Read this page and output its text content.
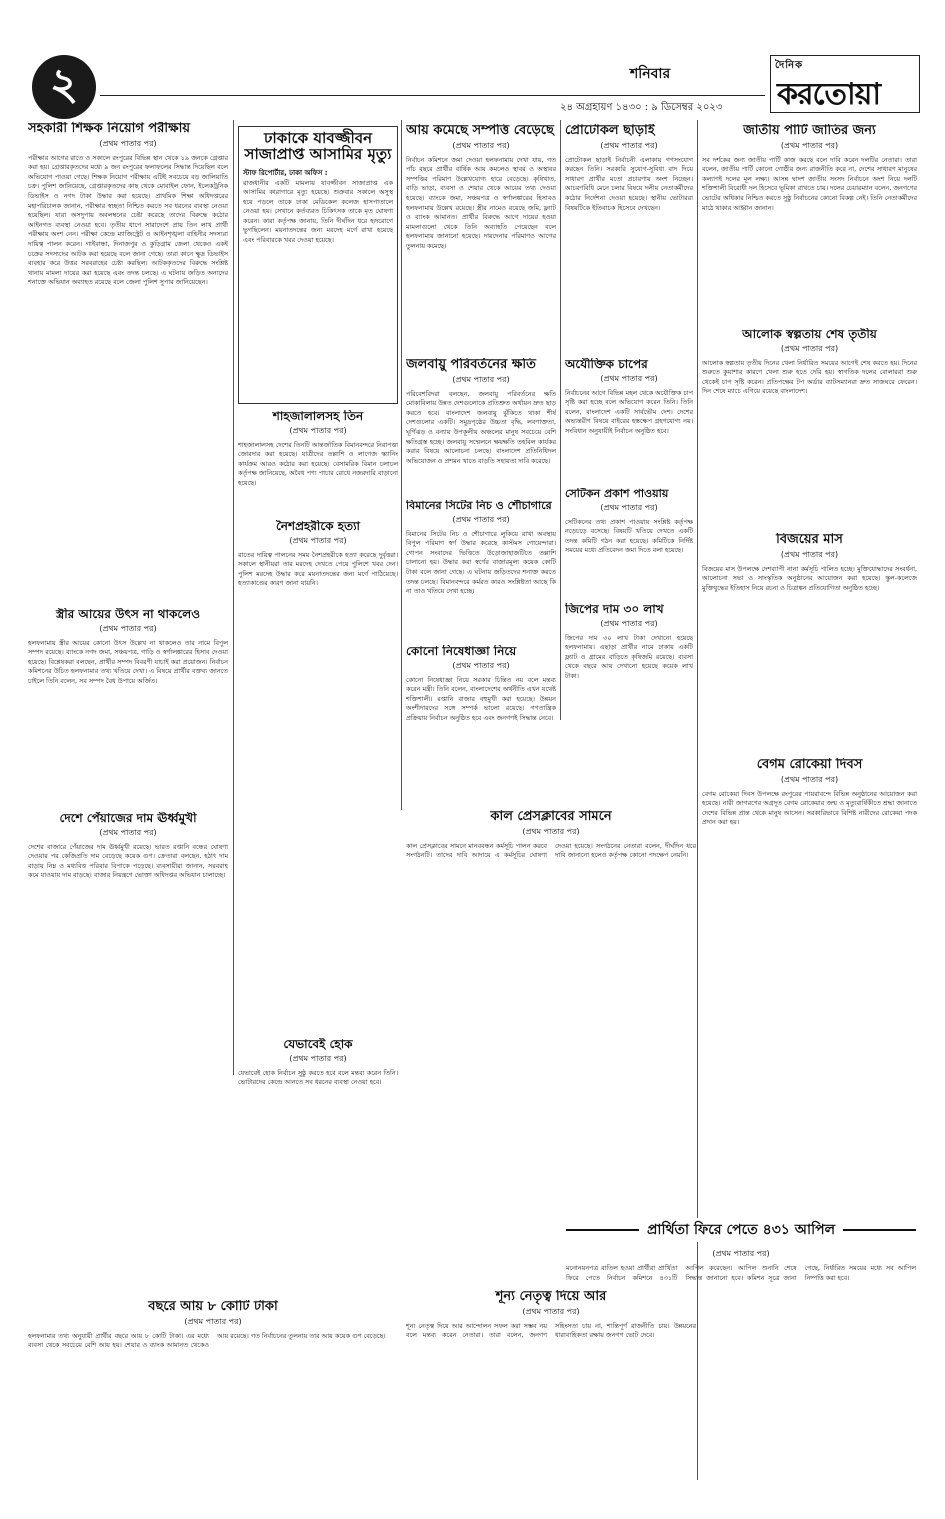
২	শনিবার
২৪ অগ্রহায়ণ ১৪৩০ : ৯ ডিসেম্বর ২০২৩
দৈনিক
করতোয়া
সহকারী শিক্ষক নিয়োগ পরীক্ষায়
(প্রথম পাতার পর)
পরীক্ষার আগের রাতে ও সকালে রংপুরের বিভিন্ন স্থান থেকে ১৯ জনকে গ্রেপ্তার করা হয়। গ্রেপ্তারকৃতদের মধ্যে ৯ জন রংপুরের ফলাফলের সিদ্ধান্ত দিয়েছিল বলে অভিযোগ পাওয়া গেছে। শিক্ষক নিয়োগ পরীক্ষায় এটিই সবচেয়ে বড় জালিয়াতি চক্র। পুলিশ জানিয়েছে, গ্রেপ্তারকৃতদের কাছ থেকে মোবাইল ফোন, ইলেকট্রনিক ডিভাইস ও নগদ টাকা উদ্ধার করা হয়েছে। প্রাথমিক শিক্ষা অধিদপ্তরের মহাপরিচালক জানান, পরীক্ষার স্বচ্ছতা নিশ্চিত করতে সব ধরনের ব্যবস্থা নেওয়া হয়েছিল। যারা অসদুপায় অবলম্বনের চেষ্টা করেছে তাদের বিরুদ্ধে কঠোর আইনগত ব্যবস্থা নেওয়া হবে। তৃতীয় ধাপে সারাদেশে প্রায় তিন লাখ প্রার্থী পরীক্ষায় অংশ নেন। পরীক্ষা কেন্দ্রে ম্যাজিস্ট্রেট ও আইনশৃঙ্খলা বাহিনীর সদস্যরা দায়িত্ব পালন করেন। গাইবান্ধা, দিনাজপুর ও কুড়িগ্রাম জেলা থেকেও একই চক্রের সদস্যদের আটক করা হয়েছে বলে জানা গেছে। তারা কানে ক্ষুদ্র ডিভাইস ব্যবহার করে উত্তর সরবরাহের চেষ্টা করছিল। আটককৃতদের বিরুদ্ধে সংশ্লিষ্ট থানায় মামলা দায়ের করা হয়েছে এবং তদন্ত চলছে। এ ঘটনায় জড়িত অন্যদের শনাক্তে অভিযান অব্যাহত রয়েছে বলে জেলা পুলিশ সুপার জানিয়েছেন।
ঢাকাকে যাবজ্জীবন সাজাপ্রাপ্ত আসামির মৃত্যু
স্টাফ রিপোর্টার, ঢাকা অফিস :
রাজধানীর একটি মামলায় যাবজ্জীবন সাজাপ্রাপ্ত এক আসামির কারাগারে মৃত্যু হয়েছে। শুক্রবার সকালে অসুস্থ হয়ে পড়লে তাকে ঢাকা মেডিকেল কলেজ হাসপাতালে নেওয়া হয়। সেখানে কর্তব্যরত চিকিৎসক তাকে মৃত ঘোষণা করেন। কারা কর্তৃপক্ষ জানায়, তিনি দীর্ঘদিন ধরে হৃদরোগে ভুগছিলেন। ময়নাতদন্তের জন্য মরদেহ মর্গে রাখা হয়েছে এবং পরিবারকে খবর দেওয়া হয়েছে।
আয় কমেছে সম্পত্তি বেড়েছে
(প্রথম পাতার পর)
নির্বাচন কমিশনে জমা দেওয়া হলফনামায় দেখা যায়, গত পাঁচ বছরে প্রার্থীর বার্ষিক আয় কমলেও স্থাবর ও অস্থাবর সম্পত্তির পরিমাণ উল্লেখযোগ্য হারে বেড়েছে। কৃষিখাত, বাড়ি ভাড়া, ব্যবসা ও শেয়ার থেকে আয়ের তথ্য দেওয়া হয়েছে। ব্যাংকে জমা, সঞ্চয়পত্র ও স্বর্ণালঙ্কারের হিসাবও হলফনামায় উল্লেখ রয়েছে। স্ত্রীর নামেও রয়েছে জমি, ফ্ল্যাট ও ব্যাংক আমানত। প্রার্থীর বিরুদ্ধে আগে দায়ের হওয়া মামলাগুলো থেকে তিনি অব্যাহতি পেয়েছেন বলে হলফনামায় জানানো হয়েছে। দায়দেনার পরিমাণও আগের তুলনায় কমেছে।
প্রোটোকল ছাড়াই
(প্রথম পাতার পর)
প্রোটোকল ছাড়াই নির্বাচনী এলাকায় গণসংযোগ করছেন তিনি। সরকারি সুযোগ-সুবিধা বাদ দিয়ে সাধারণ প্রার্থীর মতো প্রচারণায় অংশ নিচ্ছেন। আচরণবিধি মেনে চলার বিষয়ে দলীয় নেতাকর্মীদের কঠোর নির্দেশনা দেওয়া হয়েছে। স্থানীয় ভোটাররা বিষয়টিকে ইতিবাচক হিসেবে দেখছেন।
জাতীয় পার্টি জাতির জন্য
(প্রথম পাতার পর)
সব দর্শকের জন্য জাতীয় পার্টি কাজ করছে বলে দাবি করেন দলটির নেতারা। তারা বলেন, জাতীয় পার্টি কোনো গোষ্ঠীর জন্য রাজনীতি করে না, দেশের সাধারণ মানুষের কল্যাণই দলের মূল লক্ষ্য। আসন্ন দ্বাদশ জাতীয় সংসদ নির্বাচনে অংশ নিয়ে দলটি শক্তিশালী বিরোধী দল হিসেবে ভূমিকা রাখতে চায়। দলের চেয়ারম্যান বলেন, জনগণের ভোটের অধিকার নিশ্চিত করতে সুষ্ঠু নির্বাচনের কোনো বিকল্প নেই। তিনি নেতাকর্মীদের মাঠে থাকার আহ্বান জানান।
জলবায়ু পরিবর্তনের ক্ষতি
(প্রথম পাতার পর)
পরিবেশবিদরা বলছেন, জলবায়ু পরিবর্তনের ক্ষতি মোকাবিলায় উন্নত দেশগুলোকে প্রতিশ্রুত অর্থায়ন দ্রুত ছাড় করতে হবে। বাংলাদেশ জলবায়ু ঝুঁকিতে থাকা শীর্ষ দেশগুলোর একটি। সমুদ্রপৃষ্ঠের উচ্চতা বৃদ্ধি, লবণাক্ততা, ঘূর্ণিঝড় ও বন্যায় উপকূলীয় অঞ্চলের মানুষ সবচেয়ে বেশি ক্ষতিগ্রস্ত হচ্ছে। জলবায়ু সম্মেলনে ক্ষয়ক্ষতি তহবিল কার্যকর করার বিষয়ে আলোচনা চলছে। বাংলাদেশ প্রতিনিধিদল অভিযোজন ও প্রশমন খাতে বাড়তি সহায়তা দাবি করেছে।
অযৌক্তিক চাপের
(প্রথম পাতার পর)
নির্বাচনের আগে বিভিন্ন মহল থেকে অযৌক্তিক চাপ সৃষ্টি করা হচ্ছে বলে অভিযোগ করেন তিনি। তিনি বলেন, বাংলাদেশ একটি সার্বভৌম দেশ। দেশের অভ্যন্তরীণ বিষয়ে বাইরের হস্তক্ষেপ গ্রহণযোগ্য নয়। সংবিধান অনুযায়ীই নির্বাচন অনুষ্ঠিত হবে।
শাহজালালসহ তিন
(প্রথম পাতার পর)
শাহজালালসহ দেশের তিনটি আন্তর্জাতিক বিমানবন্দরে নিরাপত্তা জোরদার করা হয়েছে। যাত্রীদের তল্লাশি ও লাগেজ স্ক্যানিং কার্যক্রম আরও কঠোর করা হয়েছে। বেসামরিক বিমান চলাচল কর্তৃপক্ষ জানিয়েছে, অবৈধ পণ্য পাচার রোধে নজরদারি বাড়ানো হয়েছে।
বিমানের সিটের নিচ ও শৌচাগারে
(প্রথম পাতার পর)
বিমানের সিটের নিচ ও শৌচাগারে লুকিয়ে রাখা অবস্থায় বিপুল পরিমাণ স্বর্ণ উদ্ধার করেছে কাস্টমস গোয়েন্দারা। গোপন সংবাদের ভিত্তিতে উড়োজাহাজটিতে তল্লাশি চালানো হয়। উদ্ধার করা স্বর্ণের বাজারমূল্য কয়েক কোটি টাকা বলে জানা গেছে। এ ঘটনায় জড়িতদের শনাক্ত করতে তদন্ত চলছে। বিমানবন্দরে কর্মরত কারও সংশ্লিষ্টতা আছে কি না তাও খতিয়ে দেখা হচ্ছে।
আলোক স্বল্পতায় শেষ তৃতীয়
(প্রথম পাতার পর)
আলোক স্বল্পতায় তৃতীয় দিনের খেলা নির্ধারিত সময়ের আগেই শেষ করতে হয়। দিনের শুরুতে কুয়াশার কারণে খেলা শুরু হতে দেরি হয়। স্বাগতিক দলের বোলাররা শুরু থেকেই চাপ সৃষ্টি করেন। প্রতিপক্ষের টপ অর্ডার ব্যাটসম্যানরা দ্রুত সাজঘরে ফেরেন। দিন শেষে ম্যাচে এগিয়ে রয়েছে বাংলাদেশ।
সেটিকন প্রকাশ পাওয়ায়
(প্রথম পাতার পর)
সেটিকনের তথ্য প্রকাশ পাওয়ায় সংশ্লিষ্ট কর্তৃপক্ষ নড়েচড়ে বসেছে। বিষয়টি খতিয়ে দেখতে একটি তদন্ত কমিটি গঠন করা হয়েছে। কমিটিকে নির্দিষ্ট সময়ের মধ্যে প্রতিবেদন জমা দিতে বলা হয়েছে।
স্ত্রীর আয়ের উৎস না থাকলেও
(প্রথম পাতার পর)
হলফনামায় স্ত্রীর আয়ের কোনো উৎস উল্লেখ না থাকলেও তার নামে বিপুল সম্পদ রয়েছে। ব্যাংকে নগদ জমা, সঞ্চয়পত্র, গাড়ি ও স্বর্ণালঙ্কারের হিসাব দেওয়া হয়েছে। বিশ্লেষকরা বলছেন, প্রার্থীর সম্পদ বিবরণী যাচাই করা প্রয়োজন। নির্বাচন কমিশনের উচিত হলফনামার তথ্য খতিয়ে দেখা। এ বিষয়ে প্রার্থীর বক্তব্য জানতে চাইলে তিনি বলেন, সব সম্পদ বৈধ উপায়ে অর্জিত।
কোনো নিষেধাজ্ঞা নিয়ে
(প্রথম পাতার পর)
কোনো নিষেধাজ্ঞা নিয়ে সরকার চিন্তিত নয় বলে মন্তব্য করেন মন্ত্রী। তিনি বলেন, বাংলাদেশের অর্থনীতি এখন যথেষ্ট শক্তিশালী। রপ্তানি বাজার বহুমুখী করা হয়েছে। উন্নয়ন অংশীদারদের সঙ্গে সম্পর্ক ভালো রয়েছে। গণতান্ত্রিক প্রক্রিয়ায় নির্বাচন অনুষ্ঠিত হবে এবং জনগণই সিদ্ধান্ত নেবে।
জিপের দাম ৩০ লাখ
(প্রথম পাতার পর)
জিপের দাম ৩০ লাখ টাকা দেখানো হয়েছে হলফনামায়। এছাড়া প্রার্থীর নামে ঢাকায় একটি ফ্ল্যাট ও গ্রামের বাড়িতে কৃষিজমি রয়েছে। ব্যবসা থেকে বছরে আয় দেখানো হয়েছে কয়েক লাখ টাকা।
বিজয়ের মাস
(প্রথম পাতার পর)
বিজয়ের মাস উপলক্ষে দেশব্যাপী নানা কর্মসূচি পালিত হচ্ছে। মুক্তিযোদ্ধাদের সংবর্ধনা, আলোচনা সভা ও সাংস্কৃতিক অনুষ্ঠানের আয়োজন করা হয়েছে। স্কুল-কলেজে মুক্তিযুদ্ধের ইতিহাস নিয়ে রচনা ও চিত্রাঙ্কন প্রতিযোগিতা অনুষ্ঠিত হচ্ছে।
নৈশপ্রহরীকে হত্যা
(প্রথম পাতার পর)
রাতের দায়িত্ব পালনের সময় নৈশপ্রহরীকে হত্যা করেছে দুর্বৃত্তরা। সকালে স্থানীয়রা তার মরদেহ দেখতে পেয়ে পুলিশে খবর দেন। পুলিশ মরদেহ উদ্ধার করে ময়নাতদন্তের জন্য মর্গে পাঠিয়েছে। হত্যাকাণ্ডের কারণ জানা যায়নি।
কাল প্রেসক্লাবের সামনে
(প্রথম পাতার পর)
কাল প্রেসক্লাবের সামনে মানববন্ধন কর্মসূচি পালন করবে সংগঠনটি। তাদের দাবি আদায়ে এ কর্মসূচির ঘোষণা দেওয়া হয়েছে। সংগঠনের নেতারা বলেন, দীর্ঘদিন ধরে দাবি জানানো হলেও কর্তৃপক্ষ কোনো পদক্ষেপ নেয়নি।
বেগম রোকেয়া দিবস
(প্রথম পাতার পর)
বেগম রোকেয়া দিবস উপলক্ষে রংপুরের পায়রাবন্দে বিভিন্ন অনুষ্ঠানের আয়োজন করা হয়েছে। নারী জাগরণের অগ্রদূত বেগম রোকেয়ার জন্ম ও মৃত্যুবার্ষিকীতে শ্রদ্ধা জানাতে দেশের বিভিন্ন প্রান্ত থেকে মানুষ আসেন। সরকারিভাবে বিশিষ্ট নারীদের রোকেয়া পদক প্রদান করা হয়।
দেশে পেঁয়াজের দাম ঊর্ধ্বমুখী
(প্রথম পাতার পর)
দেশের বাজারে পেঁয়াজের দাম ঊর্ধ্বমুখী রয়েছে। ভারত রপ্তানি বন্ধের ঘোষণা দেওয়ার পর কেজিপ্রতি দাম বেড়েছে কয়েক গুণ। ক্রেতারা বলছেন, হঠাৎ দাম বাড়ায় নিম্ন ও মধ্যবিত্ত পরিবার বিপাকে পড়েছে। ব্যবসায়ীরা জানান, সরবরাহ কমে যাওয়ায় দাম বাড়ছে। বাজার নিয়ন্ত্রণে ভোক্তা অধিদপ্তর অভিযান চালাচ্ছে।
যেভাবেই হোক
(প্রথম পাতার পর)
যেভাবেই হোক নির্বাচন সুষ্ঠু করতে হবে বলে মন্তব্য করেন তিনি। ভোটারদের কেন্দ্রে আনতে সব ধরনের ব্যবস্থা নেওয়া হবে।
শূন্য নেতৃত্ব দিয়ে আর
(প্রথম পাতার পর)
শূন্য নেতৃত্ব দিয়ে আর আন্দোলন সফল করা সম্ভব নয় বলে মন্তব্য করেন নেতারা। তারা বলেন, জনগণ সহিংসতা চায় না, শান্তিপূর্ণ রাজনীতি চায়। উন্নয়নের ধারাবাহিকতা রক্ষায় জনগণ ভোট দেবে।
বছরে আয় ৮ কোটি টাকা
(প্রথম পাতার পর)
হলফনামার তথ্য অনুযায়ী প্রার্থীর বছরে আয় ৮ কোটি টাকা। এর মধ্যে ব্যবসা থেকে সবচেয়ে বেশি আয় হয়। শেয়ার ও ব্যাংক আমানত থেকেও আয় রয়েছে। গত নির্বাচনের তুলনায় তার আয় কয়েক গুণ বেড়েছে।
প্রার্থিতা ফিরে পেতে ৪৩১ আপিল
(প্রথম পাতার পর)
মনোনয়নপত্র বাতিল হওয়া প্রার্থীরা প্রার্থিতা ফিরে পেতে নির্বাচন কমিশনে ৪৩১টি আপিল করেছেন। আপিল শুনানি শেষে সিদ্ধান্ত জানানো হবে। কমিশন সূত্রে জানা গেছে, নির্ধারিত সময়ের মধ্যে সব আপিল নিষ্পত্তি করা হবে।
